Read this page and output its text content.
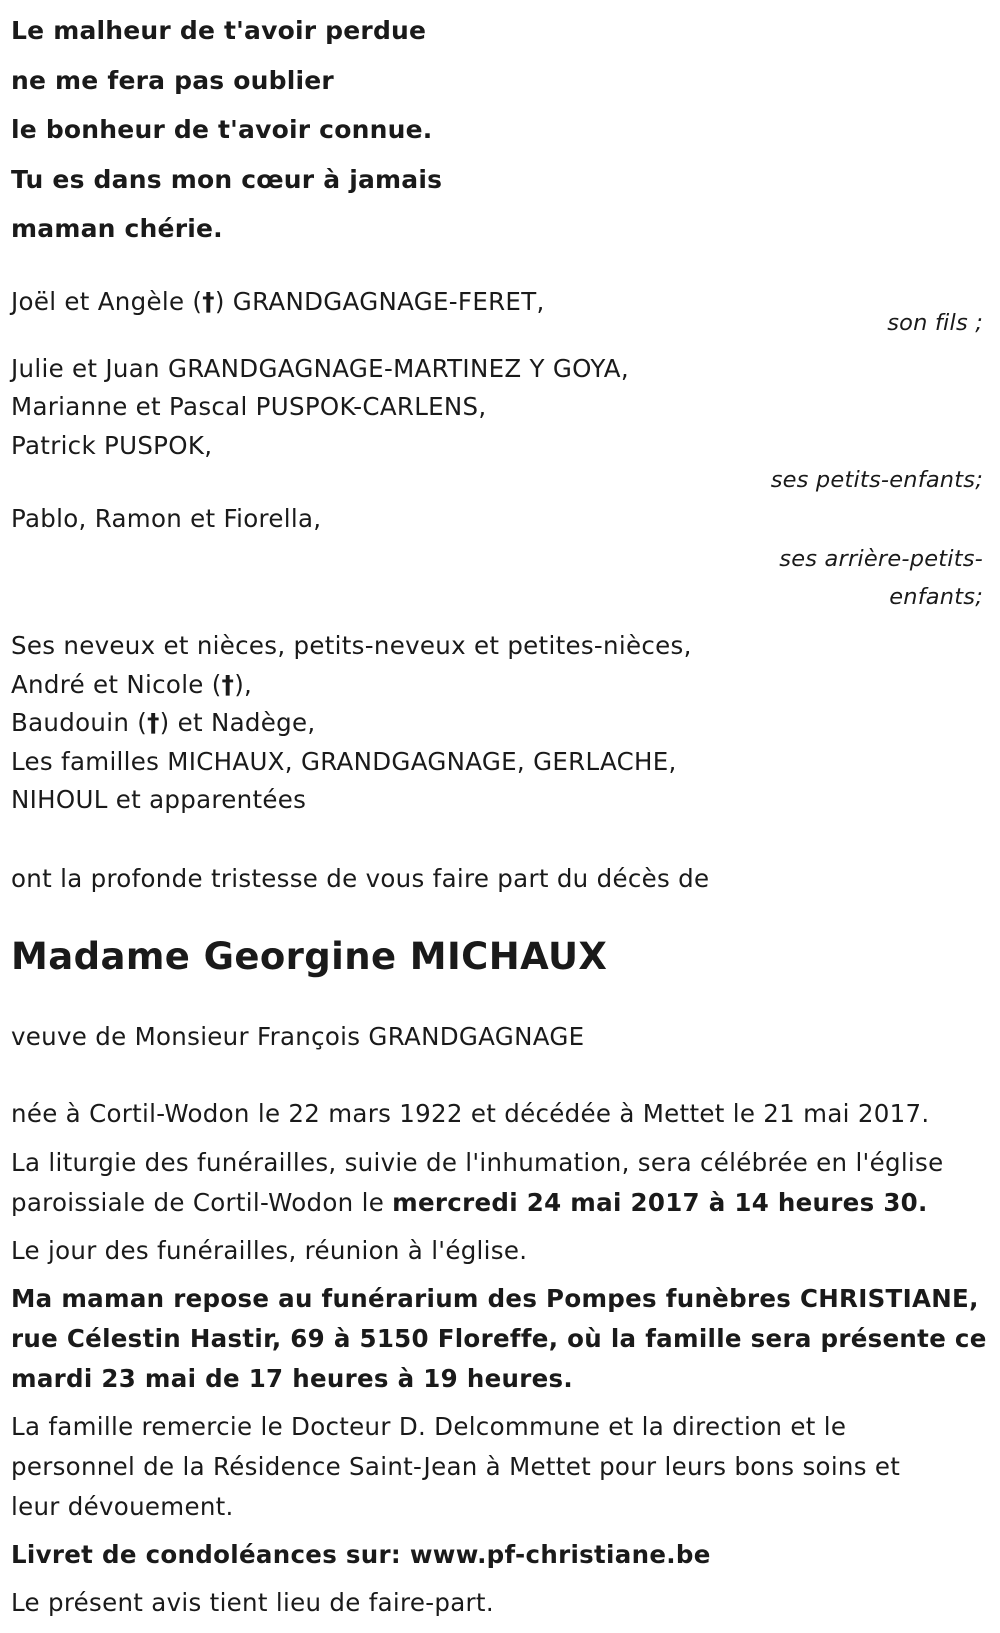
Le malheur de t'avoir perdue
ne me fera pas oublier
le bonheur de t'avoir connue.
Tu es dans mon cœur à jamais
maman chérie.
Joël et Angèle (†) GRANDGAGNAGE-FERET,
son fils ;
Julie et Juan GRANDGAGNAGE-MARTINEZ Y GOYA,
Marianne et Pascal PUSPOK-CARLENS,
Patrick PUSPOK,
ses petits-enfants;
Pablo, Ramon et Fiorella,
ses arrière-petits-
enfants;
Ses neveux et nièces, petits-neveux et petites-nièces,
André et Nicole (†),
Baudouin (†) et Nadège,
Les familles MICHAUX, GRANDGAGNAGE, GERLACHE,
NIHOUL et apparentées
ont la profonde tristesse de vous faire part du décès de
Madame Georgine MICHAUX
veuve de Monsieur François GRANDGAGNAGE
née à Cortil-Wodon le 22 mars 1922 et décédée à Mettet le 21 mai 2017.
La liturgie des funérailles, suivie de l'inhumation, sera célébrée en l'église
paroissiale de Cortil-Wodon le mercredi 24 mai 2017 à 14 heures 30.
Le jour des funérailles, réunion à l'église.
Ma maman repose au funérarium des Pompes funèbres CHRISTIANE,
rue Célestin Hastir, 69 à 5150 Floreffe, où la famille sera présente ce
mardi 23 mai de 17 heures à 19 heures.
La famille remercie le Docteur D. Delcommune et la direction et le
personnel de la Résidence Saint-Jean à Mettet pour leurs bons soins et
leur dévouement.
Livret de condoléances sur: www.pf-christiane.be
Le présent avis tient lieu de faire-part.
